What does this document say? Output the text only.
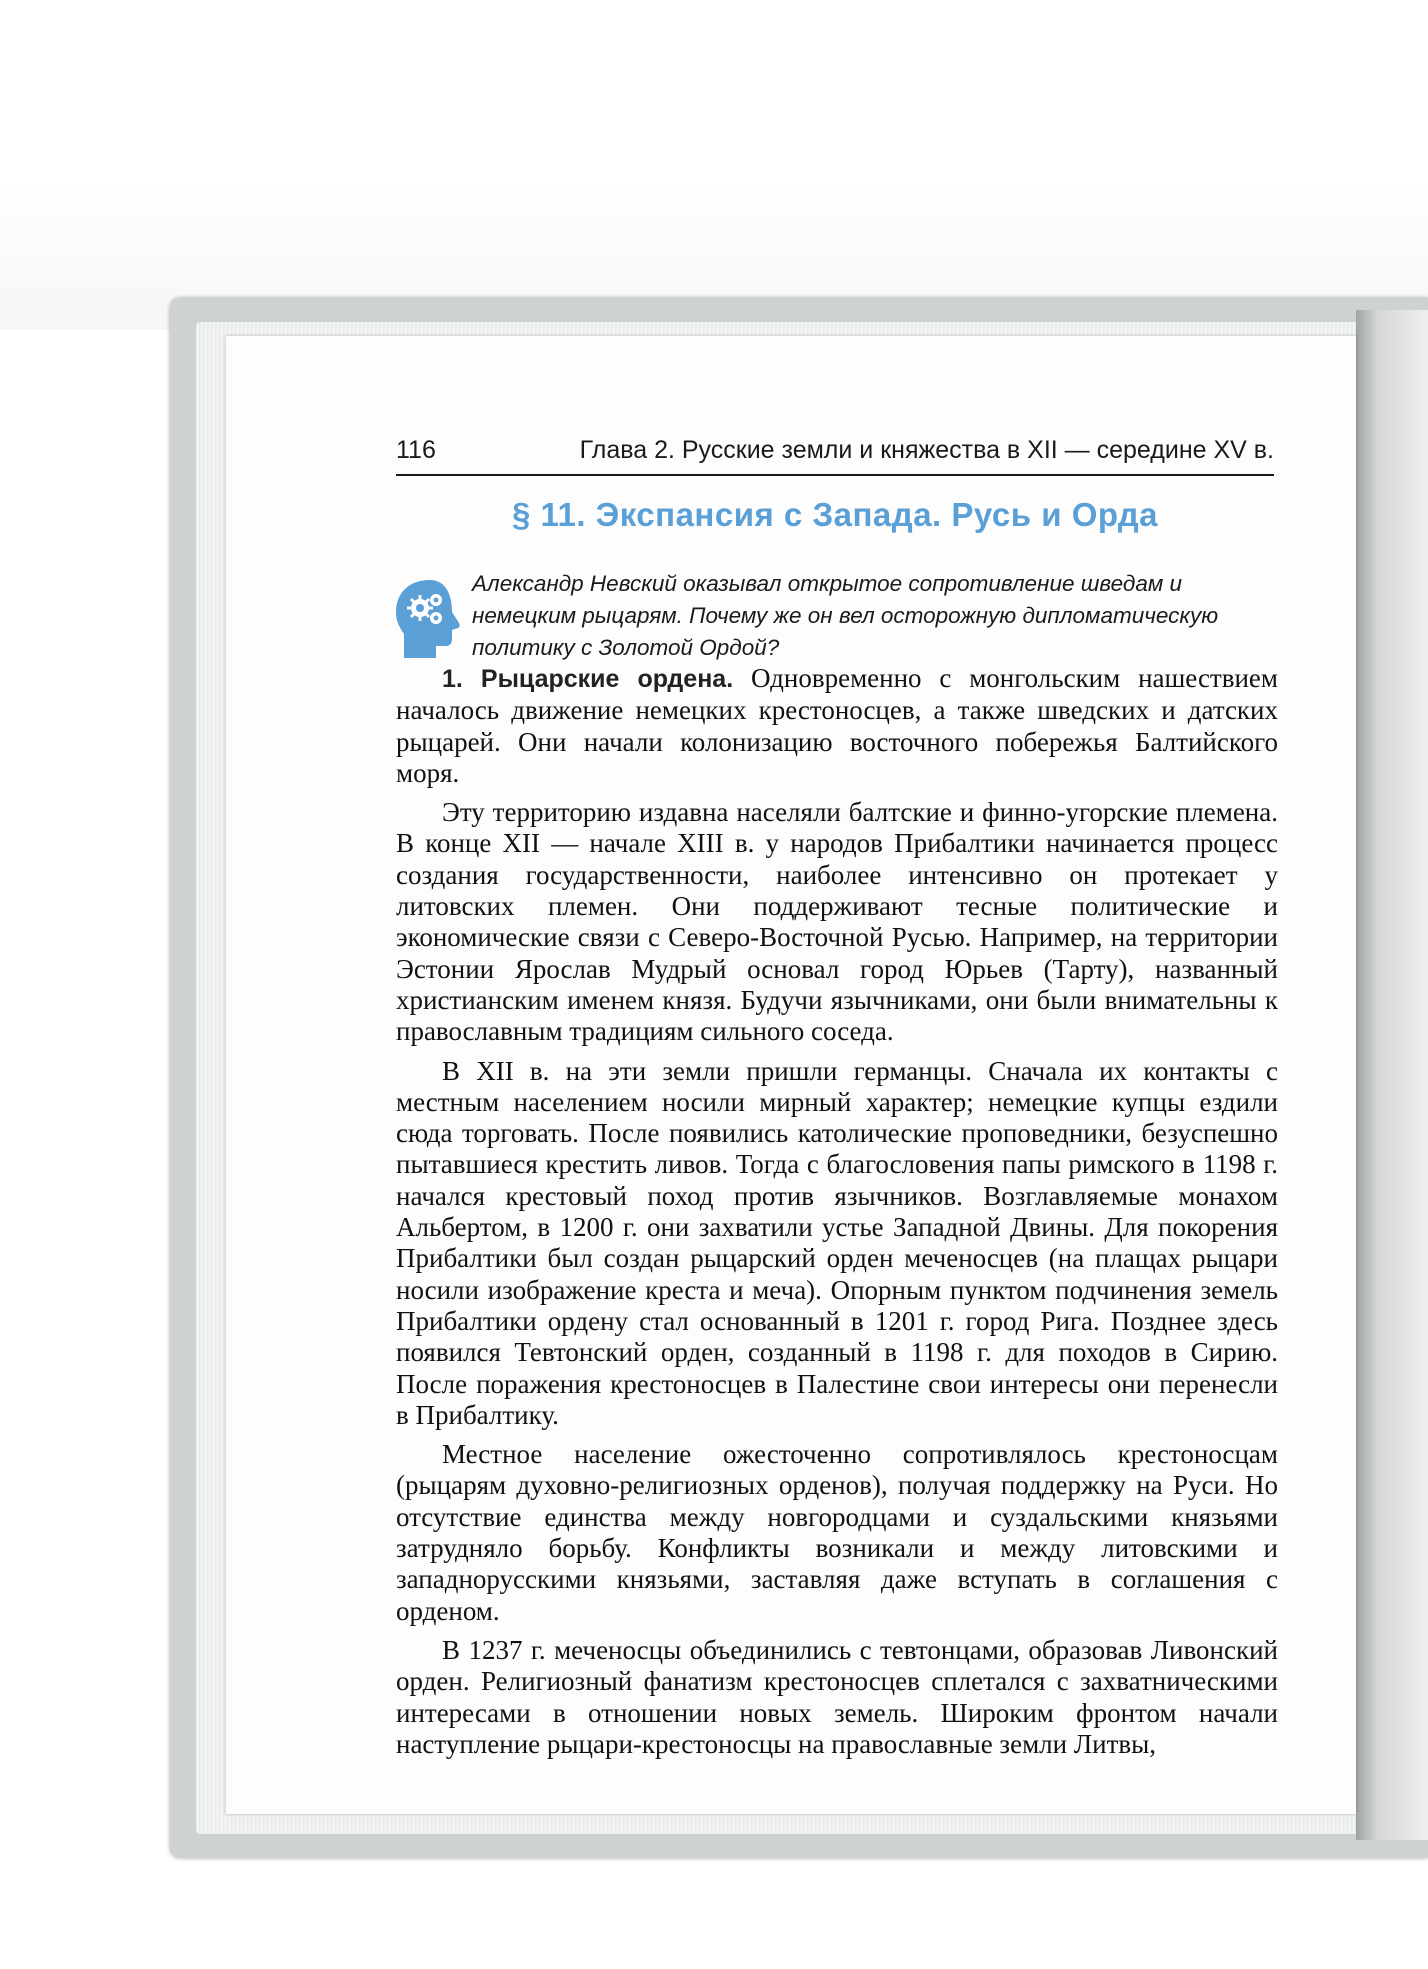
116	Глава 2. Русские земли и княжества в XII — середине XV в.
§ 11. Экспансия с Запада. Русь и Орда
Александр Невский оказывал открытое сопротивление шведам и немецким рыцарям. Почему же он вел осторожную дипломатическую политику с Золотой Ордой?

1. Рыцарские ордена. Одновременно с монгольским нашествием началось движение немецких крестоносцев, а также шведских и датских рыцарей. Они начали колонизацию восточного побережья Балтийского моря.

Эту территорию издавна населяли балтские и финно-угорские племена. В конце XII — начале XIII в. у народов Прибалтики начинается процесс создания государственности, наиболее интенсивно он протекает у литовских племен. Они поддерживают тесные политические и экономические связи с Северо-Восточной Русью. Например, на территории Эстонии Ярослав Мудрый основал город Юрьев (Тарту), названный христианским именем князя. Будучи язычниками, они были внимательны к православным традициям сильного соседа.

В XII в. на эти земли пришли германцы. Сначала их контакты с местным населением носили мирный характер; немецкие купцы ездили сюда торговать. После появились католические проповедники, безуспешно пытавшиеся крестить ливов. Тогда с благословения папы римского в 1198 г. начался крестовый поход против язычников. Возглавляемые монахом Альбертом, в 1200 г. они захватили устье Западной Двины. Для покорения Прибалтики был создан рыцарский орден меченосцев (на плащах рыцари носили изображение креста и меча). Опорным пунктом подчинения земель Прибалтики ордену стал основанный в 1201 г. город Рига. Позднее здесь появился Тевтонский орден, созданный в 1198 г. для походов в Сирию. После поражения крестоносцев в Палестине свои интересы они перенесли в Прибалтику.

Местное население ожесточенно сопротивлялось крестоносцам (рыцарям духовно-религиозных орденов), получая поддержку на Руси. Но отсутствие единства между новгородцами и суздальскими князьями затрудняло борьбу. Конфликты возникали и между литовскими и западнорусскими князьями, заставляя даже вступать в соглашения с орденом.

В 1237 г. меченосцы объединились с тевтонцами, образовав Ливонский орден. Религиозный фанатизм крестоносцев сплетался с захватническими интересами в отношении новых земель. Широким фронтом начали наступление рыцари-крестоносцы на православные земли Литвы,
